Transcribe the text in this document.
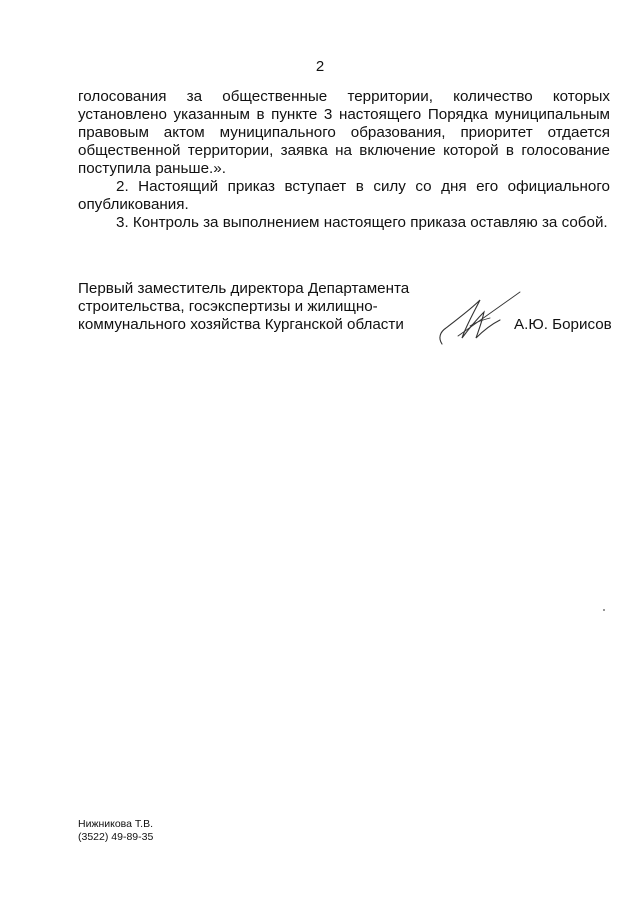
2

голосования за общественные территории, количество которых установлено указанным в пункте 3 настоящего Порядка муниципальным правовым актом муниципального образования, приоритет отдается общественной территории, заявка на включение которой в голосование поступила раньше.».

2. Настоящий приказ вступает в силу со дня его официального опубликования.

3. Контроль за выполнением настоящего приказа оставляю за собой.

Первый заместитель директора Департамента
строительства, госэкспертизы и жилищно-
коммунального хозяйства Курганской области	А.Ю. Борисов
Нижникова Т.В.
(3522) 49-89-35
